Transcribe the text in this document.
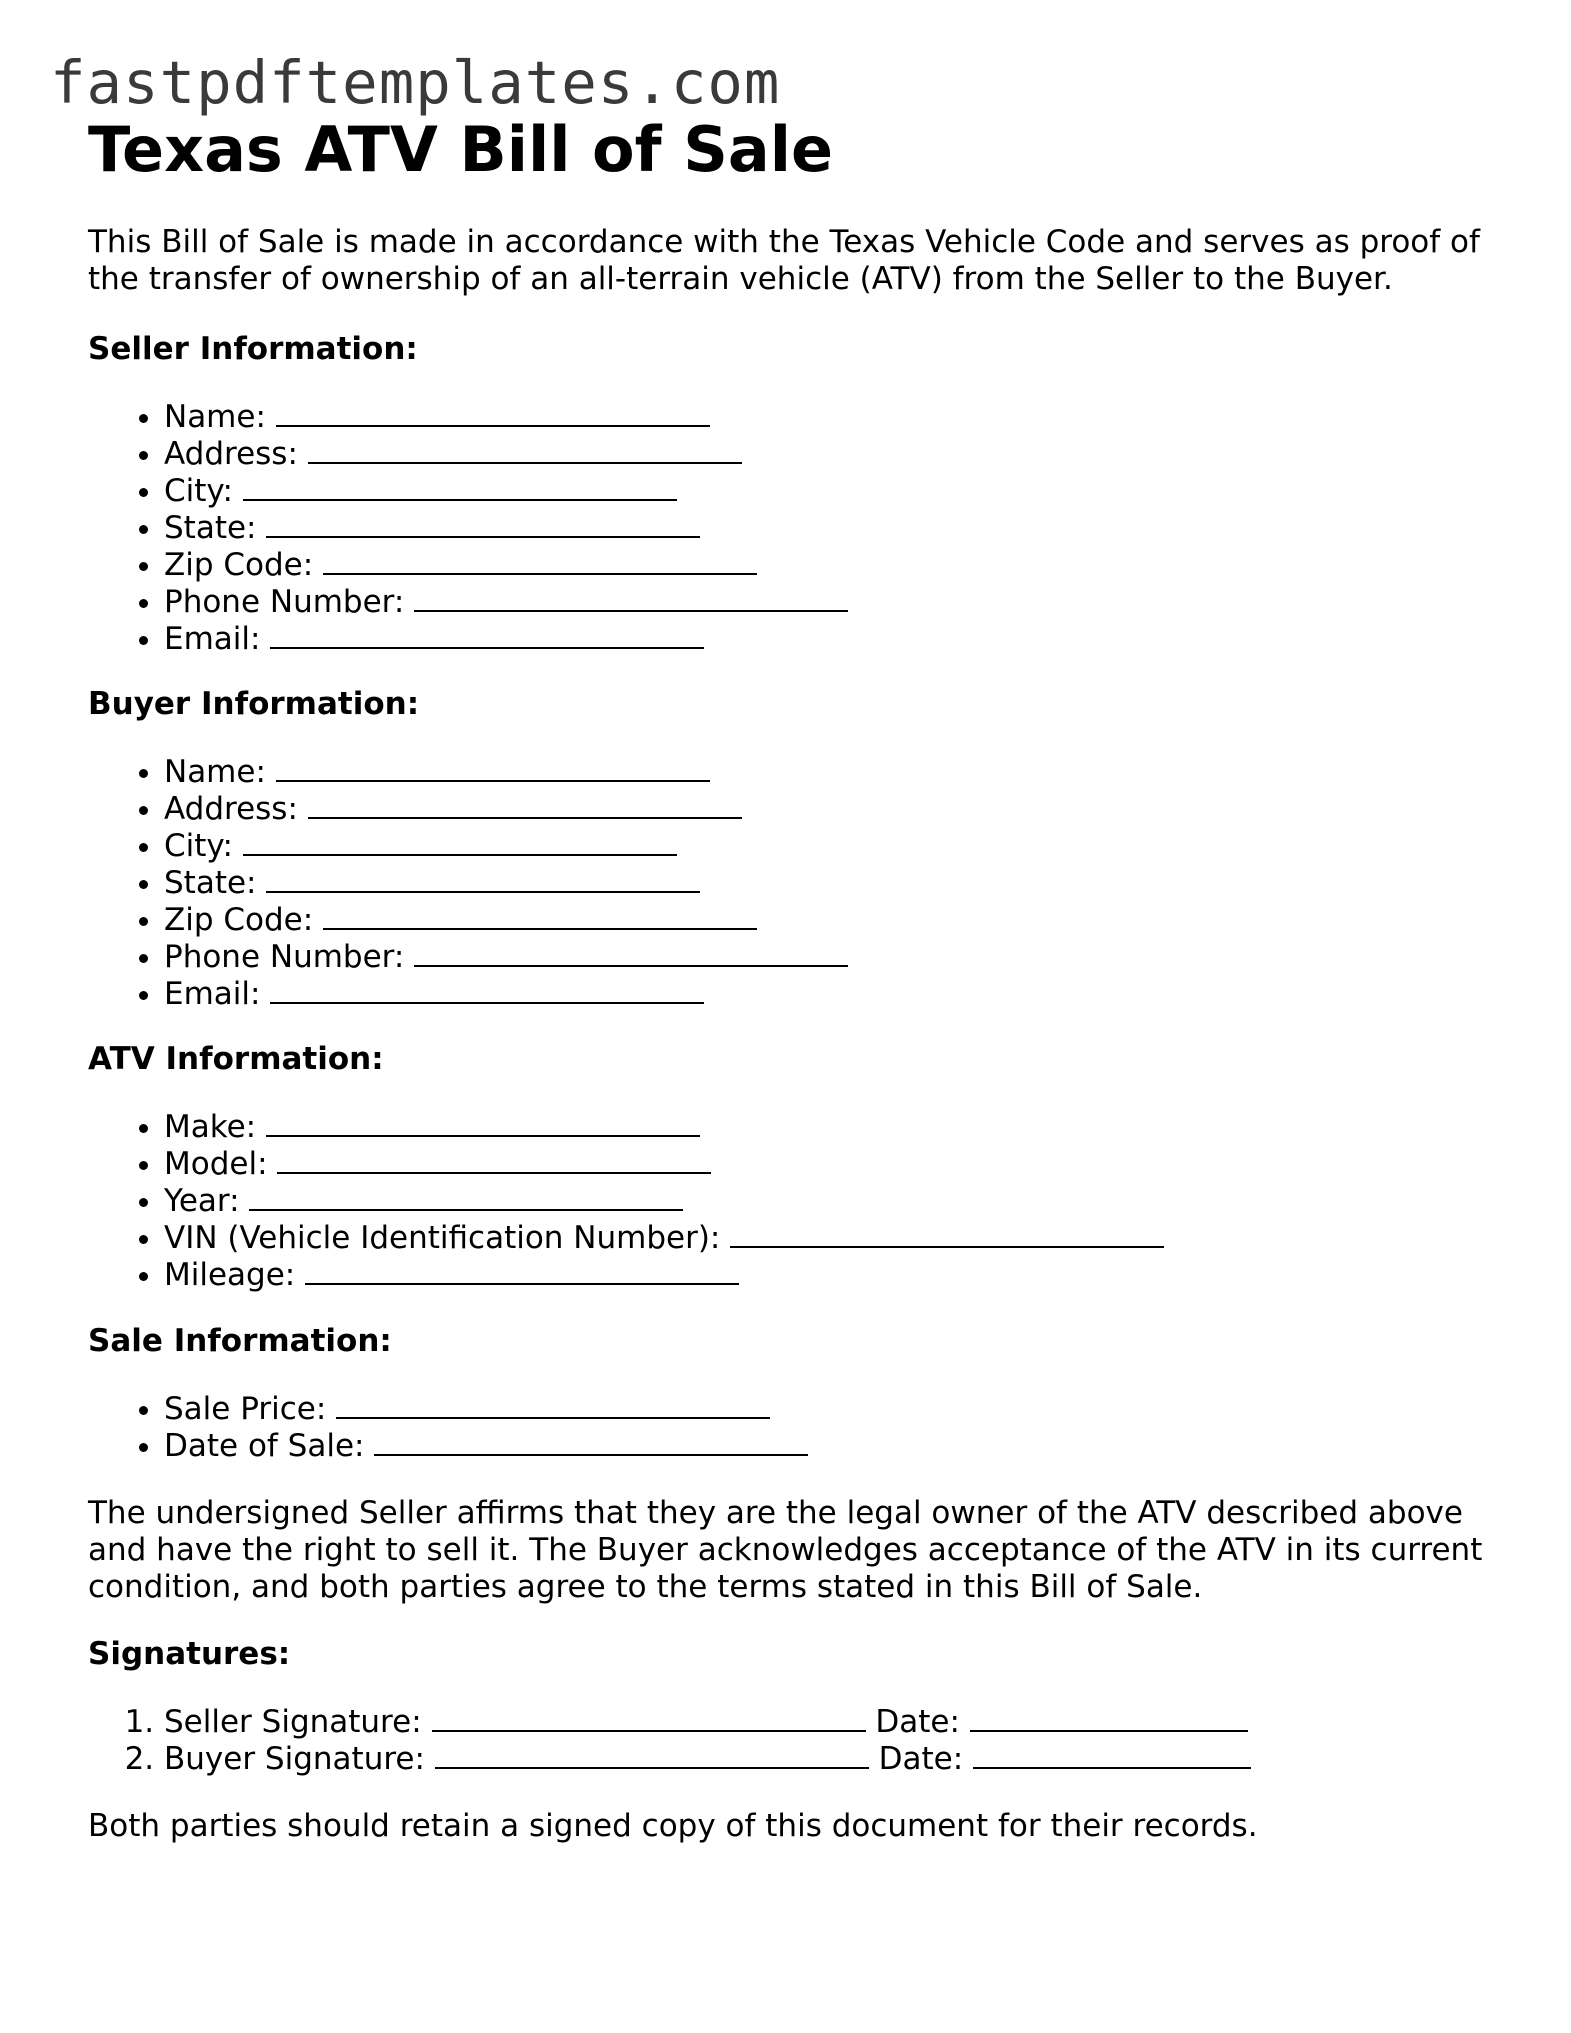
fastpdftemplates.com
Texas ATV Bill of Sale

This Bill of Sale is made in accordance with the Texas Vehicle Code and serves as proof of the transfer of ownership of an all-terrain vehicle (ATV) from the Seller to the Buyer.

Seller Information:

• Name:
• Address:
• City:
• State:
• Zip Code:
• Phone Number:
• Email:

Buyer Information:

• Name:
• Address:
• City:
• State:
• Zip Code:
• Phone Number:
• Email:

ATV Information:

• Make:
• Model:
• Year:
• VIN (Vehicle Identification Number):
• Mileage:

Sale Information:

• Sale Price:
• Date of Sale:

The undersigned Seller affirms that they are the legal owner of the ATV described above and have the right to sell it. The Buyer acknowledges acceptance of the ATV in its current condition, and both parties agree to the terms stated in this Bill of Sale.

Signatures:

1. Seller Signature:	Date:
2. Buyer Signature:	Date:

Both parties should retain a signed copy of this document for their records.
